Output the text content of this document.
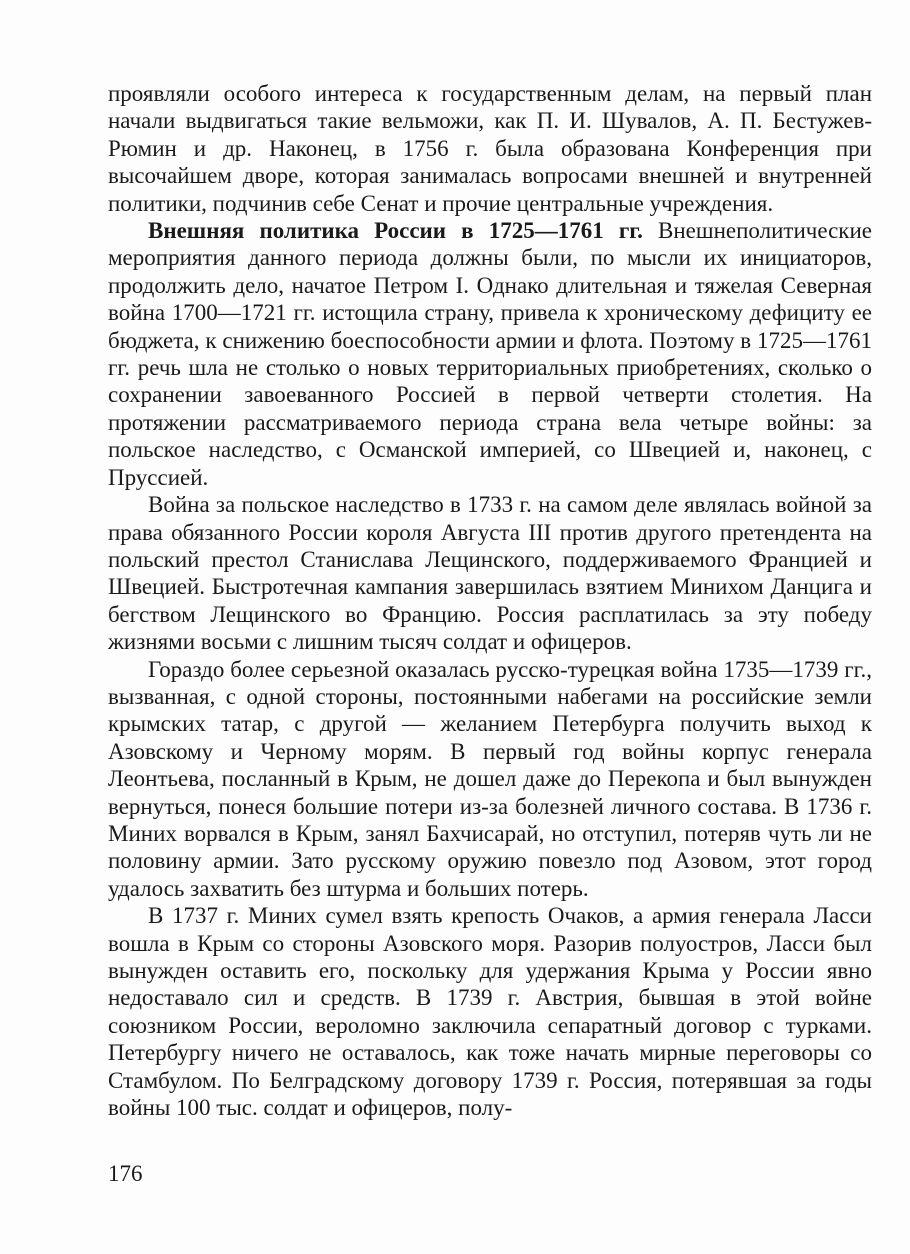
проявляли особого интереса к государственным делам, на первый план начали выдвигаться такие вельможи, как П. И. Шувалов, А. П. Бестужев-Рюмин и др. Наконец, в 1756 г. была образована Конференция при высочайшем дворе, которая занималась вопросами внешней и внутренней политики, подчинив себе Сенат и прочие центральные учреждения.

Внешняя политика России в 1725—1761 гг. Внешнеполитические мероприятия данного периода должны были, по мысли их инициаторов, продолжить дело, начатое Петром I. Однако длительная и тяжелая Северная война 1700—1721 гг. истощила страну, привела к хроническому дефициту ее бюджета, к снижению боеспособности армии и флота. Поэтому в 1725—1761 гг. речь шла не столько о новых территориальных приобретениях, сколько о сохранении завоеванного Россией в первой четверти столетия. На протяжении рассматриваемого периода страна вела четыре войны: за польское наследство, с Османской империей, со Швецией и, наконец, с Пруссией.

Война за польское наследство в 1733 г. на самом деле являлась войной за права обязанного России короля Августа III против другого претендента на польский престол Станислава Лещинского, поддерживаемого Францией и Швецией. Быстротечная кампания завершилась взятием Минихом Данцига и бегством Лещинского во Францию. Россия расплатилась за эту победу жизнями восьми с лишним тысяч солдат и офицеров.

Гораздо более серьезной оказалась русско-турецкая война 1735—1739 гг., вызванная, с одной стороны, постоянными набегами на российские земли крымских татар, с другой — желанием Петербурга получить выход к Азовскому и Черному морям. В первый год войны корпус генерала Леонтьева, посланный в Крым, не дошел даже до Перекопа и был вынужден вернуться, понеся большие потери из-за болезней личного состава. В 1736 г. Миних ворвался в Крым, занял Бахчисарай, но отступил, потеряв чуть ли не половину армии. Зато русскому оружию повезло под Азовом, этот город удалось захватить без штурма и больших потерь.

В 1737 г. Миних сумел взять крепость Очаков, а армия генерала Ласси вошла в Крым со стороны Азовского моря. Разорив полуостров, Ласси был вынужден оставить его, поскольку для удержания Крыма у России явно недоставало сил и средств. В 1739 г. Австрия, бывшая в этой войне союзником России, вероломно заключила сепаратный договор с турками. Петербургу ничего не оставалось, как тоже начать мирные переговоры со Стамбулом. По Белградскому договору 1739 г. Россия, потерявшая за годы войны 100 тыс. солдат и офицеров, полу-

176
